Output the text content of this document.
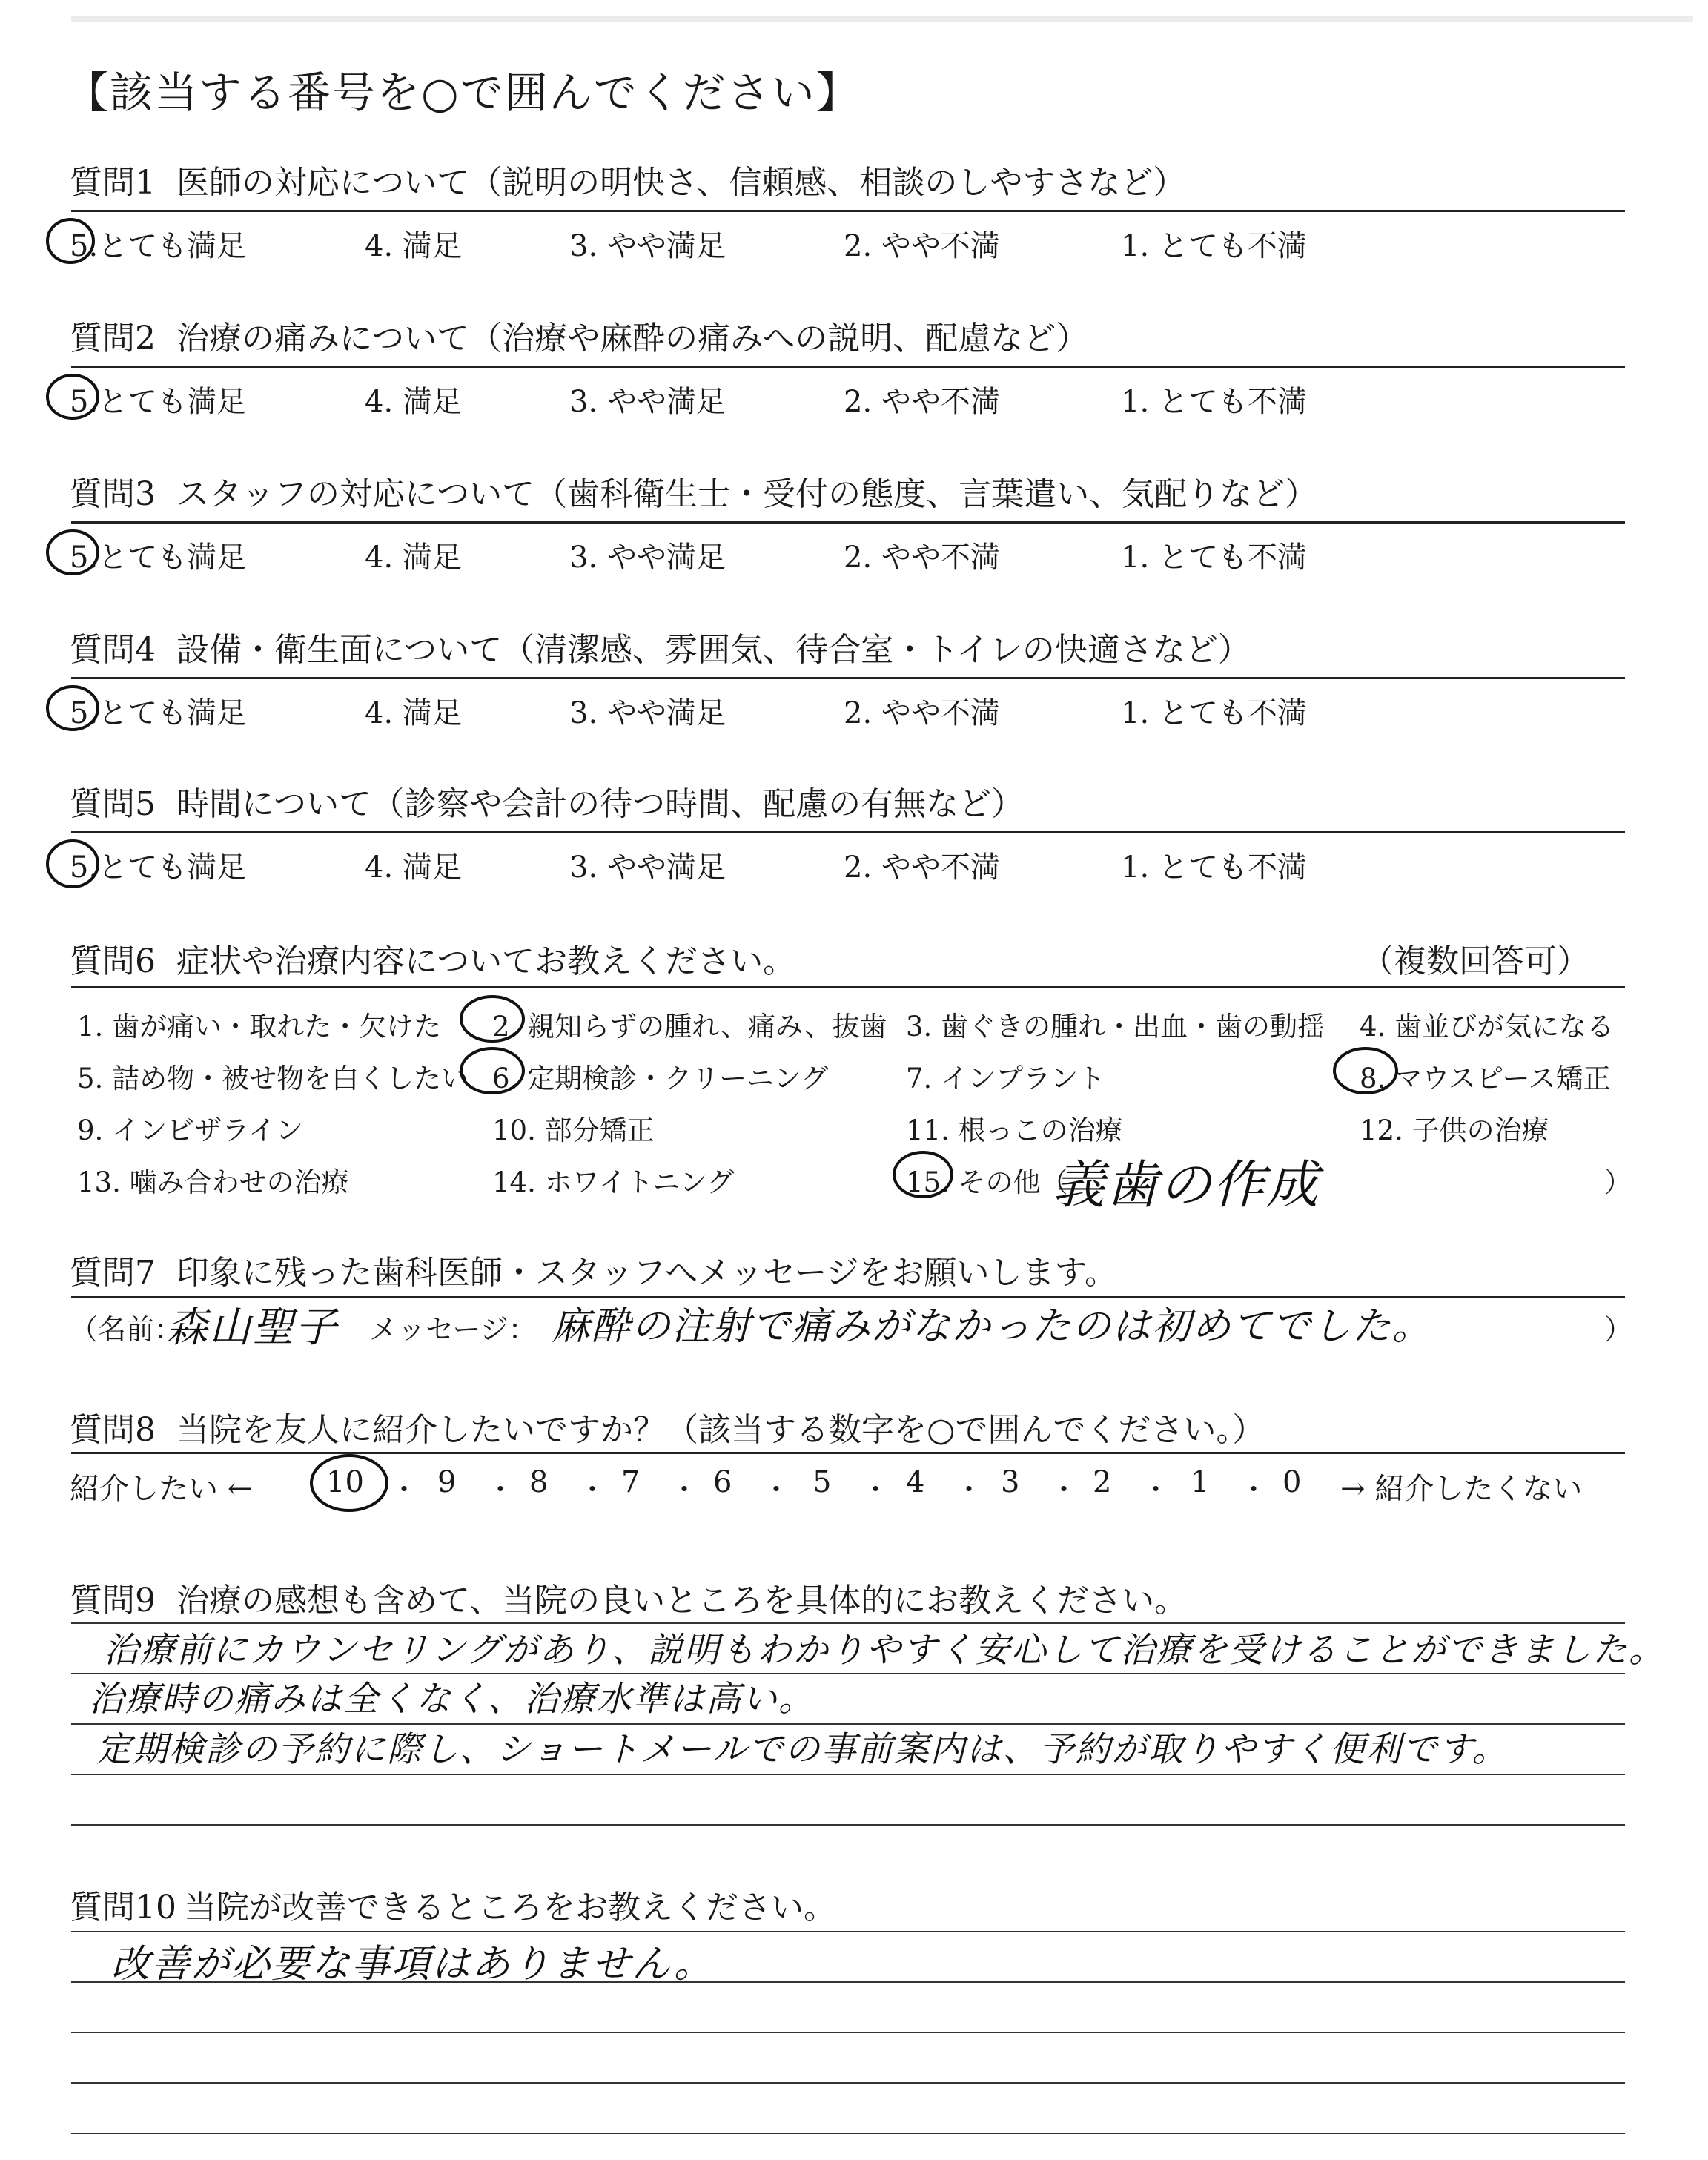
【該当する番号を○で囲んでください】
質問1 医師の対応について（説明の明快さ、信頼感、相談のしやすさなど）
5.とても満足	4. 満足	3. やや満足	2. やや不満	1. とても不満
質問2 治療の痛みについて（治療や麻酔の痛みへの説明、配慮など）
5.とても満足	4. 満足	3. やや満足	2. やや不満	1. とても不満
質問3 スタッフの対応について（歯科衛生士・受付の態度、言葉遣い、気配りなど）
5.とても満足	4. 満足	3. やや満足	2. やや不満	1. とても不満
質問4 設備・衛生面について（清潔感、雰囲気、待合室・トイレの快適さなど）
5.とても満足	4. 満足	3. やや満足	2. やや不満	1. とても不満
質問5 時間について（診察や会計の待つ時間、配慮の有無など）
5.とても満足	4. 満足	3. やや満足	2. やや不満	1. とても不満
質問6 症状や治療内容についてお教えください。	（複数回答可）
1. 歯が痛い・取れた・欠けた 2. 親知らずの腫れ、痛み、抜歯 3. 歯ぐきの腫れ・出血・歯の動揺 4. 歯並びが気になる
5. 詰め物・被せ物を白くしたい 6. 定期検診・クリーニング	7. インプラント	8. マウスピース矯正
9. インビザライン	10. 部分矯正	11. 根っこの治療	12. 子供の治療
13. 噛み合わせの治療	14. ホワイトニング	15. その他（
義歯の作成	）
質問7 印象に残った歯科医師・スタッフへメッセージをお願いします。
（名前：
森山聖子 メッセージ： 麻酔の注射で痛みがなかったのは初めてでした。	）
質問8 当院を友人に紹介したいですか？（該当する数字を○で囲んでください。）
紹介したい ← 10 ・ 9 ・ 8 ・ 7 ・ 6 ・ 5 ・ 4 ・ 3 ・ 2 ・ 1 ・ 0 → 紹介したくない
質問9 治療の感想も含めて、当院の良いところを具体的にお教えください。
治療前にカウンセリングがあり、説明もわかりやすく安心して治療を受けることができました。
治療時の痛みは全くなく、治療水準は高い。
定期検診の予約に際し、ショートメールでの事前案内は、予約が取りやすく便利です。
質問10 当院が改善できるところをお教えください。
改善が必要な事項はありません。
